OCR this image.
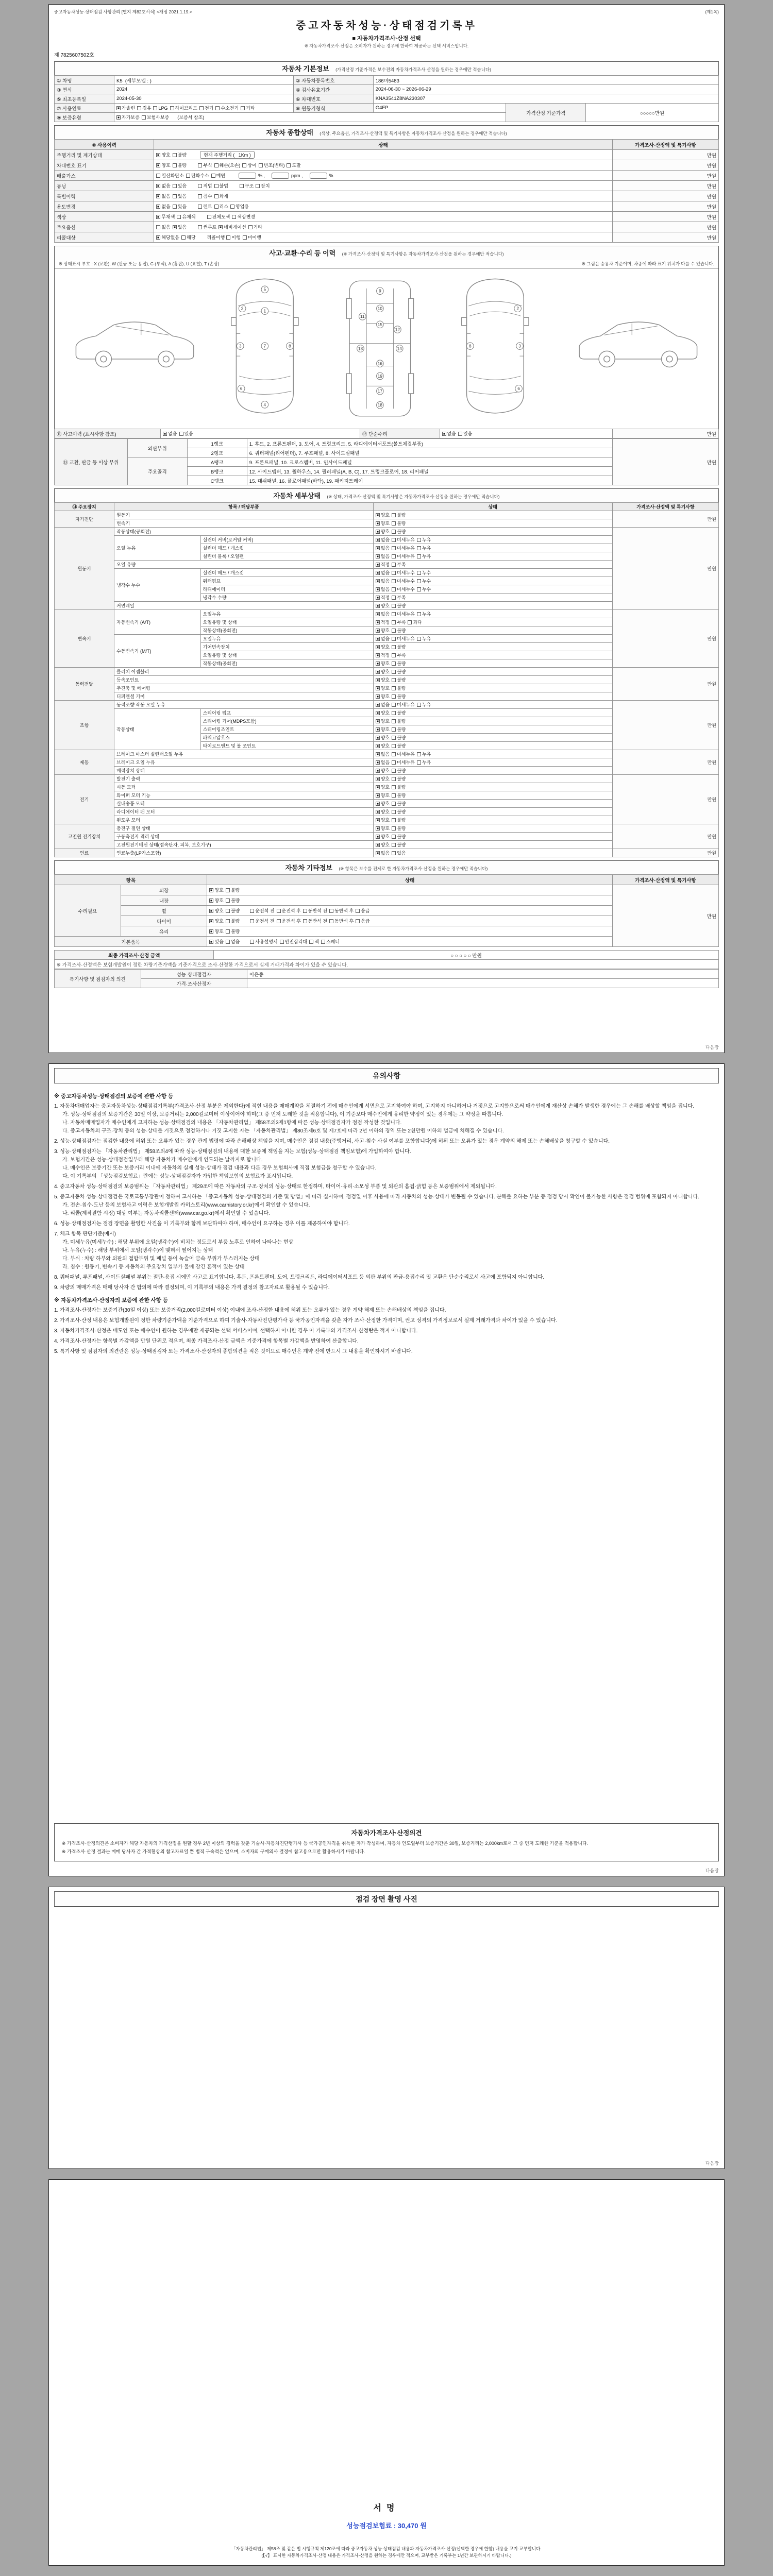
중고자동차성능·상태점검 사항관리 [별지 제82호서식] <개정 2021.1.19.>	(제1쪽)
중고자동차성능·상태점검기록부
■ 자동차가격조사·산정 선택
※ 자동차가격조사·산정은 소비자가 원하는 경우에 한하여 제공하는 선택 서비스입니다.
제 7825607502호
자동차 기본정보 (가격산정 기준가격은 보수전의 자동차가격조사·산정을 원하는 경우에만 적습니다)
① 차명	K5  (세부모델 : )	② 자동차등록번호	186머5483		
③ 연식	2024	④ 검사유효기간	2024-06-30 ~ 2026-06-29		
⑤ 최초등록일	2024-05-30	⑥ 차대번호	KNA3541Z8NA230307		
⑦ 사용연료	가솔린 경유 LPG 하이브리드 전기 수소전기 기타	⑧ 원동기형식	G4FP	가격산정 기준가격	○○○○○만원
⑨ 보증유형	자가보증 보험사보증 (보증서 참조)				
자동차 종합상태 (색상, 주요옵션, 가격조사·산정액 및 특기사항은 자동차가격조사·산정을 원하는 경우에만 적습니다)
⑩ 사용이력	상태	가격조사·산정액 및 특기사항
주행거리 및 계기상태	양호 불량 현재 주행거리 (   1Km )	만원
차대번호 표기	양호 불량	부식 훼손(오손) 상이 변조(변타) 도말	만원
배출가스	일산화탄소 탄화수소 매연 % , ppm , %	만원
튜닝	없음 있음	적법 불법	구조 장치	만원
특별이력	없음 있음 침수 화재	만원
용도변경	없음 있음 렌트 리스 영업용	만원
색상	무채색 유채색 전체도색 색상변경	만원
주요옵션	없음 있음 썬루프 네비게이션 기타	만원
리콜대상	해당없음 해당 리콜이행 이행 미이행	만원
사고·교환·수리 등 이력 (※ 가격조사·산정액 및 특기사항은 자동차가격조사·산정을 원하는 경우에만 적습니다)
※ 상태표시 부호 : X (교환), W (판금 또는 용접), C (부식), A (흠집), U (요철), T (손상)	※ 그림은 승용차 기준이며, 차종에 따라 표기 위치가 다를 수 있습니다.
5
1
2
3	7	8
6
4
9
10
11
15
12
13	14
16
19
17
18
2
8	3
6
⑪ 사고이력 (표시사항 참조)	없음 있음	⑫ 단순수리	없음 있음	만원
⑬ 교환, 판금 등 이상 부위	외판부위	1랭크	1. 후드, 2. 프론트펜더, 3. 도어, 4. 트렁크리드, 5. 라디에이터서포트(볼트체결부품)	만원
		2랭크	6. 쿼터패널(리어펜더), 7. 루프패널, 8. 사이드실패널	
	주요골격	A랭크	9. 프론트패널, 10. 크로스멤버, 11. 인사이드패널	
		B랭크	12. 사이드멤버, 13. 휠하우스, 14. 필러패널(A, B, C), 17. 트렁크플로어, 18. 리어패널	
		C랭크	15. 대쉬패널, 16. 플로어패널(바닥), 19. 패키지트레이	
자동차 세부상태 (※ 상태, 가격조사·산정액 및 특기사항은 자동차가격조사·산정을 원하는 경우에만 적습니다)
⑭ 주요장치	항목 / 해당부품		상태	가격조사·산정액 및 특기사항
자기진단	원동기		양호 불량	만원
	변속기		양호 불량	

원동기	작동상태(공회전)		양호 불량	만원
	오일 누유	실린더 커버(로커암 커버)	없음 미세누유 누유	

		실린더 헤드 / 개스킷	없음 미세누유 누유	

		실린더 블록 / 오일팬	없음 미세누유 누유	

	오일 유량		적정 부족	

	냉각수 누수	실린더 헤드 / 개스킷	없음 미세누수 누수	

		워터펌프	없음 미세누수 누수	

		라디에이터	없음 미세누수 누수	

		냉각수 수량	적정 부족	

	커먼레일		양호 불량	

변속기	자동변속기 (A/T)	오일누유	없음 미세누유 누유	만원
		오일유량 및 상태	적정 부족 과다	

		작동상태(공회전)	양호 불량	

	수동변속기 (M/T)	오일누유	없음 미세누유 누유	

		기어변속장치	양호 불량	

		오일유량 및 상태	적정 부족	

		작동상태(공회전)	양호 불량	

동력전달	클러치 어셈블리		양호 불량	만원
	등속조인트		양호 불량	

	추진축 및 베어링		양호 불량	

	디퍼렌셜 기어		양호 불량	

조향	동력조향 작동 오일 누유		없음 미세누유 누유	만원
	작동상태	스티어링 펌프	양호 불량	

		스티어링 기어(MDPS포함)	양호 불량	

		스티어링조인트	양호 불량	

		파워고압호스	양호 불량	

		타이로드엔드 및 볼 조인트	양호 불량	

제동	브레이크 마스터 실린더오일 누유		없음 미세누유 누유	만원
	브레이크 오일 누유		없음 미세누유 누유	

	배력장치 상태		양호 불량	

전기	발전기 출력		양호 불량	만원
	시동 모터		양호 불량	

	와이퍼 모터 기능		양호 불량	

	실내송풍 모터		양호 불량	

	라디에이터 팬 모터		양호 불량	

	윈도우 모터		양호 불량	

고전원 전기장치	충전구 절연 상태		양호 불량	만원
	구동축전지 격리 상태		양호 불량	

	고전원전기배선 상태(접속단자, 피복, 보호기구)		양호 불량	

연료	연료누출(LP가스포함)		없음 있음	만원
자동차 기타정보 (※ 항목은 보수를 전제로 한 자동차가격조사·산정을 원하는 경우에만 적습니다)
항목		상태	가격조사·산정액 및 특기사항
수리필요	외장	양호 불량	만원
	내장	양호 불량	

휠	양호 불량	운전석 전 운전석 후 동반석 전 동반석 후 응급

타이어	양호 불량	운전석 전 운전석 후 동반석 전 동반석 후 응급

	유리	양호 불량	

기본품목	있음 없음	사용설명서 안전삼각대 잭 스패너
최종 가격조사·산정 금액	○ ○ ○ ○ ○ 만원
※ 가격조사·산정액은 보험개발원이 정한 차량기준가액을 기준가격으로 조사·산정한 가격으로서 실제 거래가격과 차이가 있을 수 있습니다.
특기사항 및 점검자의 의견	성능·상태점검자	이은종
	가격·조사산정자	
다음장
유의사항
※ 중고자동차성능·상태점검의 보증에 관한 사항 등
1. 자동차매매업자는 중고자동차성능·상태점검기록부(가격조사·산정 부분은 제외한다)에 적힌 내용을 매매계약을 체결하기 전에 매수인에게 서면으로 고지하여야 하며, 고지하지 아니하거나 거짓으로 고지함으로써 매수인에게 재산상 손해가 발생한 경우에는 그 손해를 배상할 책임을 집니다.
가. 성능·상태점검의 보증기간은 30일 이상, 보증거리는 2,000킬로미터 이상이어야 하며(그 중 먼저 도래한 것을 적용합니다), 이 기준보다 매수인에게 유리한 약정이 있는 경우에는 그 약정을 따릅니다.
나. 자동차매매업자가 매수인에게 고지하는 성능·상태점검의 내용은 「자동차관리법」 제58조의3제1항에 따른 성능·상태점검자가 점검·작성한 것입니다.
다. 중고자동차의 구조·장치 등의 성능·상태를 거짓으로 점검하거나 거짓 고지한 자는 「자동차관리법」 제80조제6호 및 제7호에 따라 2년 이하의 징역 또는 2천만원 이하의 벌금에 처해질 수 있습니다.
2. 성능·상태점검자는 점검한 내용에 허위 또는 오류가 있는 경우 관계 법령에 따라 손해배상 책임을 지며, 매수인은 점검 내용(주행거리, 사고·침수 사실 여부를 포함합니다)에 허위 또는 오류가 있는 경우 계약의 해제 또는 손해배상을 청구할 수 있습니다.
3. 성능·상태점검자는 「자동차관리법」 제58조의4에 따라 성능·상태점검의 내용에 대한 보증에 책임을 지는 보험(성능·상태점검 책임보험)에 가입하여야 합니다.
가. 보험기간은 성능·상태점검일부터 해당 자동차가 매수인에게 인도되는 날까지로 합니다.
나. 매수인은 보증기간 또는 보증거리 이내에 자동차의 실제 성능·상태가 점검 내용과 다른 경우 보험회사에 직접 보험금을 청구할 수 있습니다.
다. 이 기록부의 「성능점검보험료」란에는 성능·상태점검자가 가입한 책임보험의 보험료가 표시됩니다.
4. 중고자동차 성능·상태점검의 보증범위는 「자동차관리법」 제29조에 따른 자동차의 구조·장치의 성능·상태로 한정하며, 타이어·유리·소모성 부품 및 외관의 흠집·긁힘 등은 보증범위에서 제외됩니다.
5. 중고자동차 성능·상태점검은 국토교통부장관이 정하여 고시하는 「중고자동차 성능·상태점검의 기준 및 방법」에 따라 실시하며, 점검일 이후 사용에 따라 자동차의 성능·상태가 변동될 수 있습니다. 분해를 요하는 부분 등 점검 당시 확인이 불가능한 사항은 점검 범위에 포함되지 아니합니다.
가. 전손·침수·도난 등의 보험사고 이력은 보험개발원 카히스토리(www.carhistory.or.kr)에서 확인할 수 있습니다.
나. 리콜(제작결함 시정) 대상 여부는 자동차리콜센터(www.car.go.kr)에서 확인할 수 있습니다.
6. 성능·상태점검자는 점검 장면을 촬영한 사진을 이 기록부와 함께 보관하여야 하며, 매수인이 요구하는 경우 이를 제공하여야 합니다.
7. 체크 항목 판단기준(예시)
가. 미세누유(미세누수) : 해당 부위에 오일(냉각수)이 비치는 정도로서 부품 노후로 인하여 나타나는 현상
나. 누유(누수) : 해당 부위에서 오일(냉각수)이 맺혀서 떨어지는 상태
다. 부식 : 차량 하부와 외판의 접합부위 및 패널 등이 녹슬어 금속 부위가 부스러지는 상태
라. 침수 : 원동기, 변속기 등 자동차의 주요장치 일부가 물에 잠긴 흔적이 있는 상태
8. 쿼터패널, 루프패널, 사이드실패널 부위는 절단·용접 시에만 사고로 표기합니다. 후드, 프론트펜더, 도어, 트렁크리드, 라디에이터서포트 등 외판 부위의 판금·용접수리 및 교환은 단순수리로서 사고에 포함되지 아니합니다.
9. 차량의 매매가격은 매매 당사자 간 합의에 따라 결정되며, 이 기록부의 내용은 가격 결정의 참고자료로 활용될 수 있습니다.
※ 자동차가격조사·산정자의 보증에 관한 사항 등
1. 가격조사·산정자는 보증기간(30일 이상) 또는 보증거리(2,000킬로미터 이상) 이내에 조사·산정한 내용에 허위 또는 오류가 있는 경우 계약 해제 또는 손해배상의 책임을 집니다.
2. 가격조사·산정 내용은 보험개발원이 정한 차량기준가액을 기준가격으로 하여 기술사·자동차진단평가사 등 국가공인자격을 갖춘 자가 조사·산정한 가격이며, 권고 성격의 가격정보로서 실제 거래가격과 차이가 있을 수 있습니다.
3. 자동차가격조사·산정은 매도인 또는 매수인이 원하는 경우에만 제공되는 선택 서비스이며, 선택하지 아니한 경우 이 기록부의 가격조사·산정란은 적지 아니합니다.
4. 가격조사·산정자는 항목별 가감액을 만원 단위로 적으며, 최종 가격조사·산정 금액은 기준가격에 항목별 가감액을 반영하여 산출합니다.
5. 특기사항 및 점검자의 의견란은 성능·상태점검자 또는 가격조사·산정자의 종합의견을 적은 것이므로 매수인은 계약 전에 반드시 그 내용을 확인하시기 바랍니다.
자동차가격조사·산정의견
※ 가격조사·산정의견은 소비자가 해당 자동차의 가격산정을 원할 경우 2년 이상의 경력을 갖춘 기술사·자동차진단평가사 등 국가공인자격을 취득한 자가 작성하며, 자동차 인도일부터 보증기간은 30일, 보증거리는 2,000km로서 그 중 먼저 도래한 기준을 적용합니다.
※ 가격조사·산정 결과는 매매 당사자 간 가격협상의 참고자료일 뿐 법적 구속력은 없으며, 소비자의 구매의사 결정에 참고용으로만 활용하시기 바랍니다.
다음장
점검 장면 촬영 사진
다음장
서명
성능점검보험료 : 30,470 원
「자동차관리법」 제58조 및 같은 법 시행규칙 제120조에 따라 중고자동차 성능·상태점검 내용과 자동차가격조사·산정(선택한 경우에 한함) 내용을 고지·교부합니다.
(【√】 표시한 자동차가격조사·산정 내용은 가격조사·산정을 원하는 경우에만 적으며, 교부받은 기록부는 1년간 보관하시기 바랍니다.)
